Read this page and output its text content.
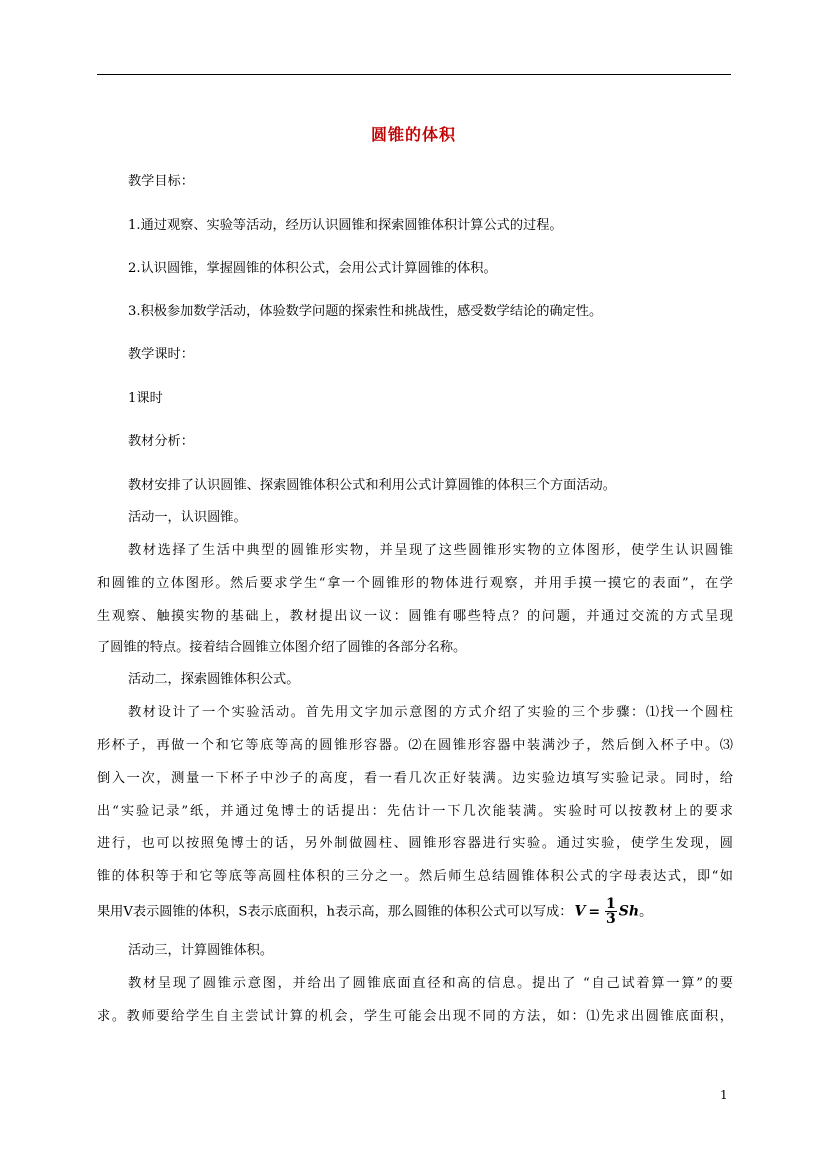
圆锥的体积
教学目标：
1.通过观察、实验等活动，经历认识圆锥和探索圆锥体积计算公式的过程。
2.认识圆锥，掌握圆锥的体积公式，会用公式计算圆锥的体积。
3.积极参加数学活动，体验数学问题的探索性和挑战性，感受数学结论的确定性。
教学课时：
1课时
教材分析：
教材安排了认识圆锥、探索圆锥体积公式和利用公式计算圆锥的体积三个方面活动。
活动一，认识圆锥。
教材选择了生活中典型的圆锥形实物，并呈现了这些圆锥形实物的立体图形，使学生认识圆锥
和圆锥的立体图形。然后要求学生“拿一个圆锥形的物体进行观察，并用手摸一摸它的表面”，在学
生观察、触摸实物的基础上，教材提出议一议：圆锥有哪些特点？的问题，并通过交流的方式呈现
了圆锥的特点。接着结合圆锥立体图介绍了圆锥的各部分名称。
活动二，探索圆锥体积公式。
教材设计了一个实验活动。首先用文字加示意图的方式介绍了实验的三个步骤：⑴找一个圆柱
形杯子，再做一个和它等底等高的圆锥形容器。⑵在圆锥形容器中装满沙子，然后倒入杯子中。⑶
倒入一次，测量一下杯子中沙子的高度，看一看几次正好装满。边实验边填写实验记录。同时，给
出“实验记录”纸，并通过兔博士的话提出：先估计一下几次能装满。实验时可以按教材上的要求
进行，也可以按照兔博士的话，另外制做圆柱、圆锥形容器进行实验。通过实验，使学生发现，圆
锥的体积等于和它等底等高圆柱体积的三分之一。然后师生总结圆锥体积公式的字母表达式，即“如
果用V表示圆锥的体积，S表示底面积，h表示高，那么圆锥的体积公式可以写成： $V = \frac{1}{3}$ Sh。
活动三，计算圆锥体积。
教材呈现了圆锥示意图，并给出了圆锥底面直径和高的信息。提出了 “自己试着算一算”的要
求。教师要给学生自主尝试计算的机会，学生可能会出现不同的方法，如：⑴先求出圆锥底面积，
1
